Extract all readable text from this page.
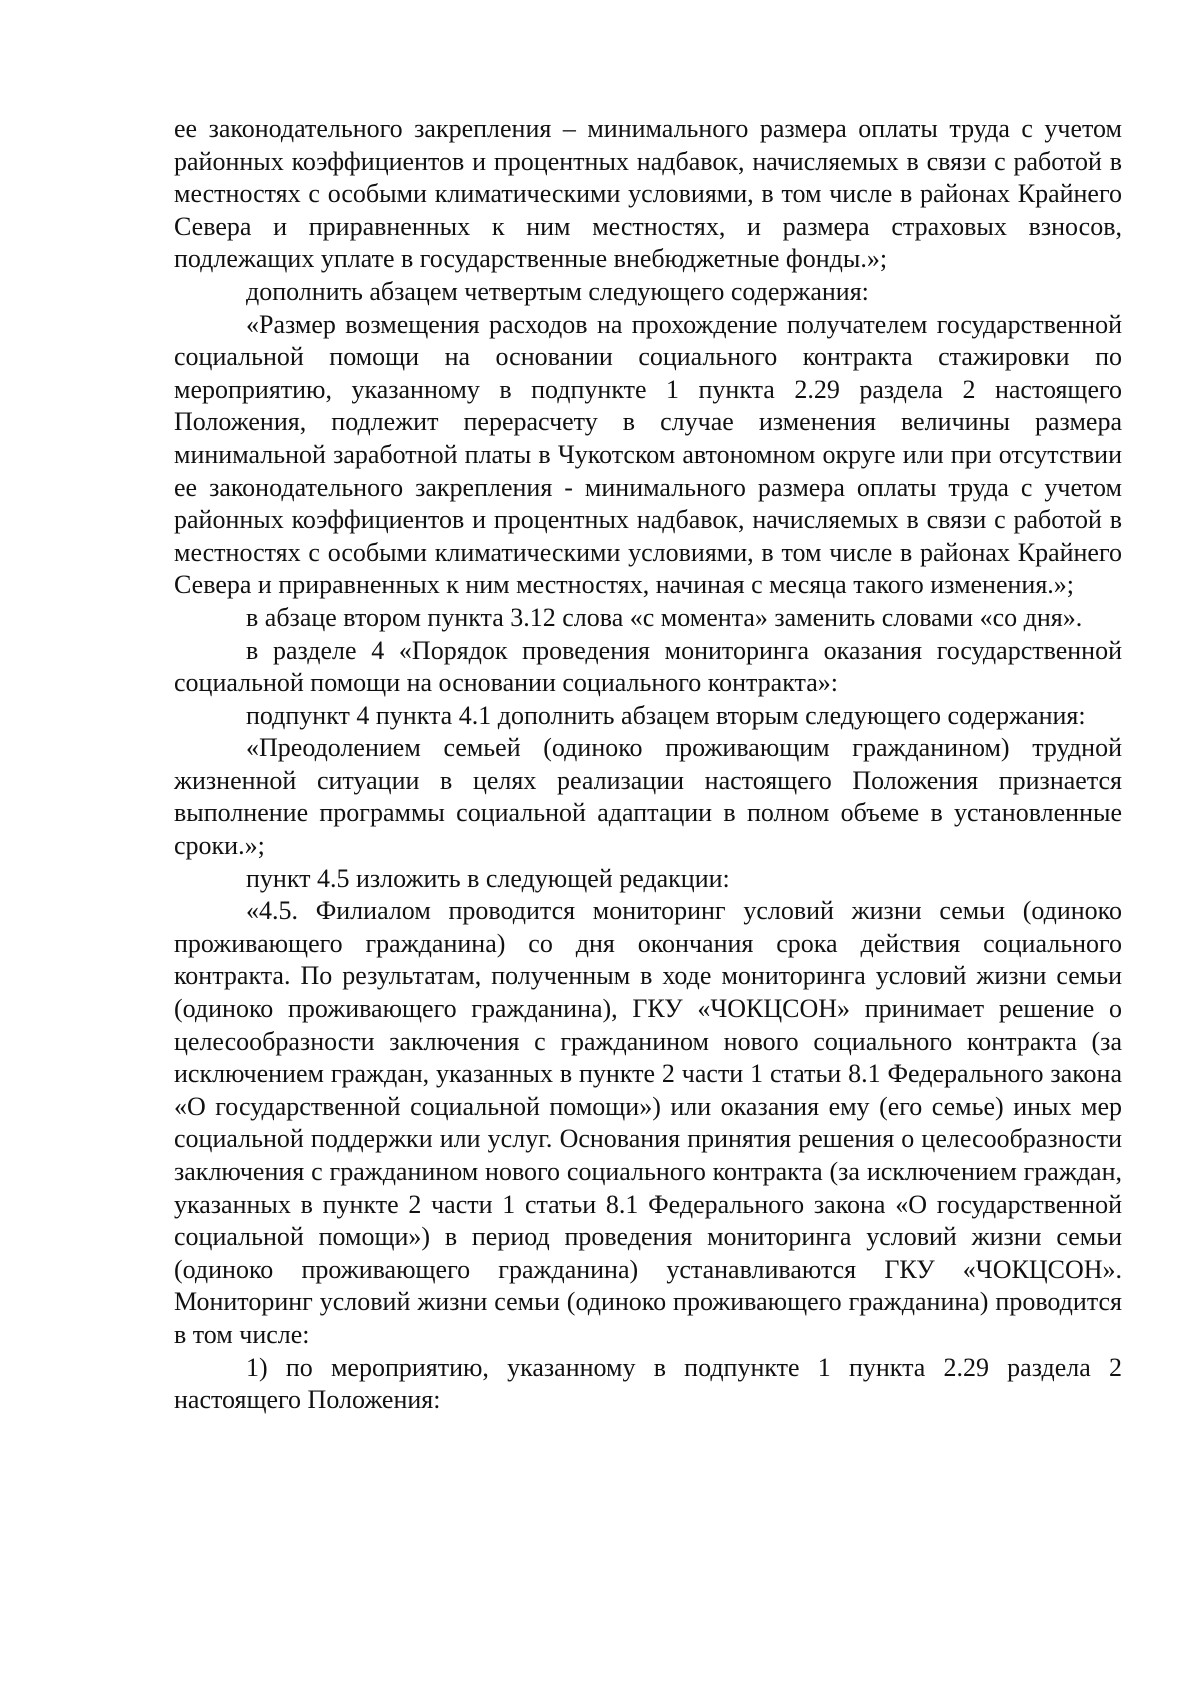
ее законодательного закрепления – минимального размера оплаты труда с учетом районных коэффициентов и процентных надбавок, начисляемых в связи с работой в местностях с особыми климатическими условиями, в том числе в районах Крайнего Севера и приравненных к ним местностях, и размера страховых взносов, подлежащих уплате в государственные внебюджетные фонды.»;

дополнить абзацем четвертым следующего содержания:

«Размер возмещения расходов на прохождение получателем государственной социальной помощи на основании социального контракта стажировки по мероприятию, указанному в подпункте 1 пункта 2.29 раздела 2 настоящего Положения, подлежит перерасчету в случае изменения величины размера минимальной заработной платы в Чукотском автономном округе или при отсутствии ее законодательного закрепления - минимального размера оплаты труда с учетом районных коэффициентов и процентных надбавок, начисляемых в связи с работой в местностях с особыми климатическими условиями, в том числе в районах Крайнего Севера и приравненных к ним местностях, начиная с месяца такого изменения.»;

в абзаце втором пункта 3.12 слова «с момента» заменить словами «со дня».

в разделе 4 «Порядок проведения мониторинга оказания государственной социальной помощи на основании социального контракта»:

подпункт 4 пункта 4.1 дополнить абзацем вторым следующего содержания:

«Преодолением семьей (одиноко проживающим гражданином) трудной жизненной ситуации в целях реализации настоящего Положения признается выполнение программы социальной адаптации в полном объеме в установленные сроки.»;

пункт 4.5 изложить в следующей редакции:

«4.5. Филиалом проводится мониторинг условий жизни семьи (одиноко проживающего гражданина) со дня окончания срока действия социального контракта. По результатам, полученным в ходе мониторинга условий жизни семьи (одиноко проживающего гражданина), ГКУ «ЧОКЦСОН» принимает решение о целесообразности заключения с гражданином нового социального контракта (за исключением граждан, указанных в пункте 2 части 1 статьи 8.1 Федерального закона «О государственной социальной помощи») или оказания ему (его семье) иных мер социальной поддержки или услуг. Основания принятия решения о целесообразности заключения с гражданином нового социального контракта (за исключением граждан, указанных в пункте 2 части 1 статьи 8.1 Федерального закона «О государственной социальной помощи») в период проведения мониторинга условий жизни семьи (одиноко проживающего гражданина) устанавливаются ГКУ «ЧОКЦСОН». Мониторинг условий жизни семьи (одиноко проживающего гражданина) проводится в том числе:

1) по мероприятию, указанному в подпункте 1 пункта 2.29 раздела 2 настоящего Положения:
